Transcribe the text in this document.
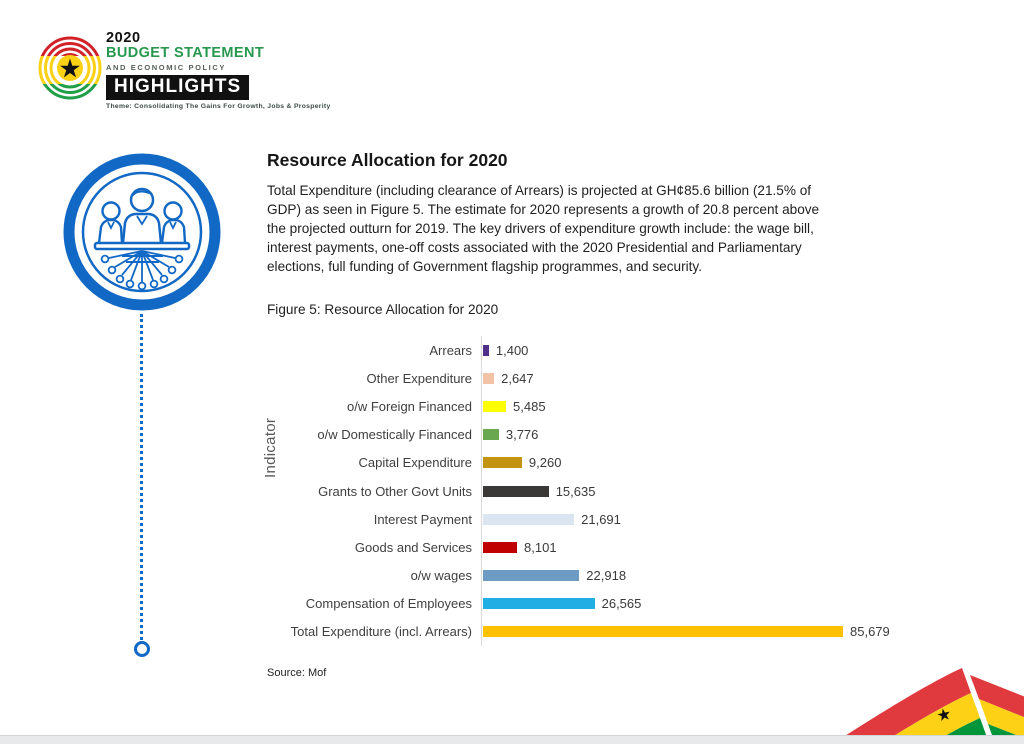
2020
BUDGET STATEMENT
AND ECONOMIC POLICY
HIGHLIGHTS
Theme: Consolidating The Gains For Growth, Jobs & Prosperity
Resource Allocation for 2020
Total Expenditure (including clearance of Arrears) is projected at GH¢85.6 billion (21.5% of GDP) as seen in Figure 5. The estimate for 2020 represents a growth of 20.8 percent above the projected outturn for 2019. The key drivers of expenditure growth include: the wage bill, interest payments, one-off costs associated with the 2020 Presidential and Parliamentary elections, full funding of Government flagship programmes, and security.
Figure 5: Resource Allocation for 2020
Indicator
Arrears	1,400
Other Expenditure	2,647
o/w Foreign Financed	5,485
o/w Domestically Financed	3,776
Capital Expenditure	9,260
Grants to Other Govt Units	15,635
Interest Payment	21,691
Goods and Services	8,101
o/w wages	22,918
Compensation of Employees	26,565
Total Expenditure (incl. Arrears)	85,679
Source: Mof
